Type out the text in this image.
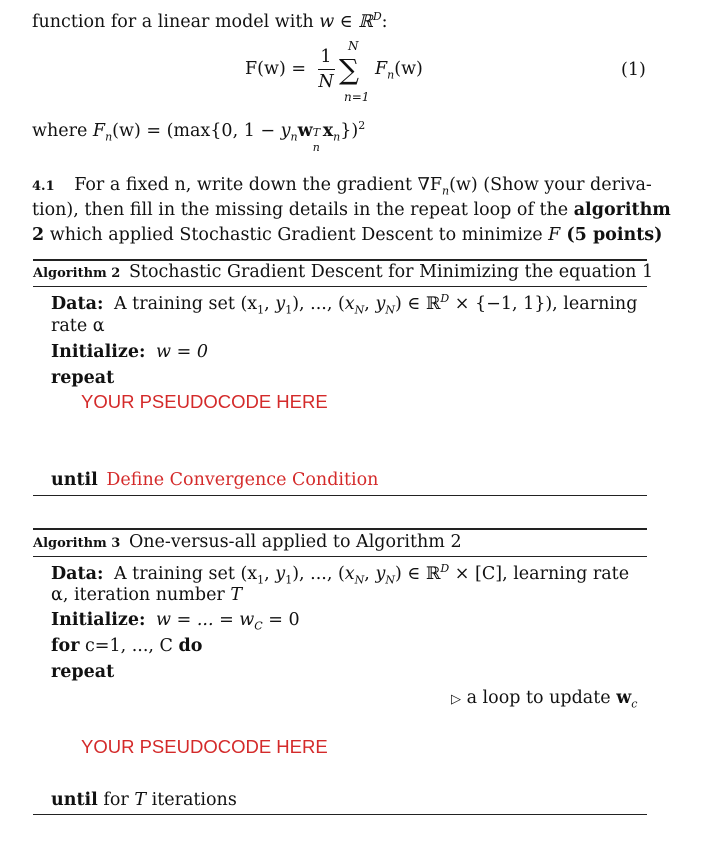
function for a linear model with w ∈ ℝ$^D$:
F(w) =
1
N
N
∑
n=1
$F_n(w)$	(1)
where $F_n(w) = (\max\{0$, $1 - y_nw$ T
n
$x_n\})^2$
4.1 For a fixed n, write down the gradient $\nabla F_n(w)$ (Show your deriva-
tion), then fill in the missing details in the repeat loop of the algorithm
2 which applied Stochastic Gradient Descent to minimize F (5 points)
Algorithm 2 Stochastic Gradient Descent for Minimizing the equation 1
Data: A training set ($x_1$, $y_1$), ..., ($x_N$, $y_N$) ∈ ℝ$^D$ × {−1, 1}), learning
rate α
Initialize: w = 0
repeat
YOUR PSEUDOCODE HERE
until Define Convergence Condition
Algorithm 3 One-versus-all applied to Algorithm 2
Data: A training set ($x_1$, $y_1$), ..., ($x_N$, $y_N$) ∈ ℝ$^D$ × [C], learning rate
α, iteration number T
Initialize: w = ... = $w_C = 0$
for c=1, ..., C do
repeat
▷ a loop to update $w_c$
YOUR PSEUDOCODE HERE
until for T iterations
